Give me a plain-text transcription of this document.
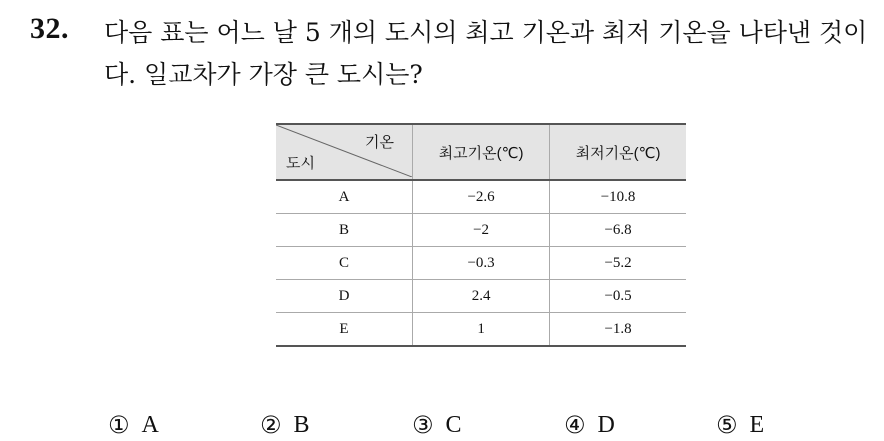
32. 다음 표는 어느 날 5 개의 도시의 최고 기온과 최저 기온을 나타낸 것이다. 일교차가 가장 큰 도시는?
기온
도시	최고기온(℃)	최저기온(℃)
A	−2.6	−10.8
B	−2	−6.8
C	−0.3	−5.2
D	2.4	−0.5
E	1	−1.8
① A	② B	③ C	④ D	⑤ E
